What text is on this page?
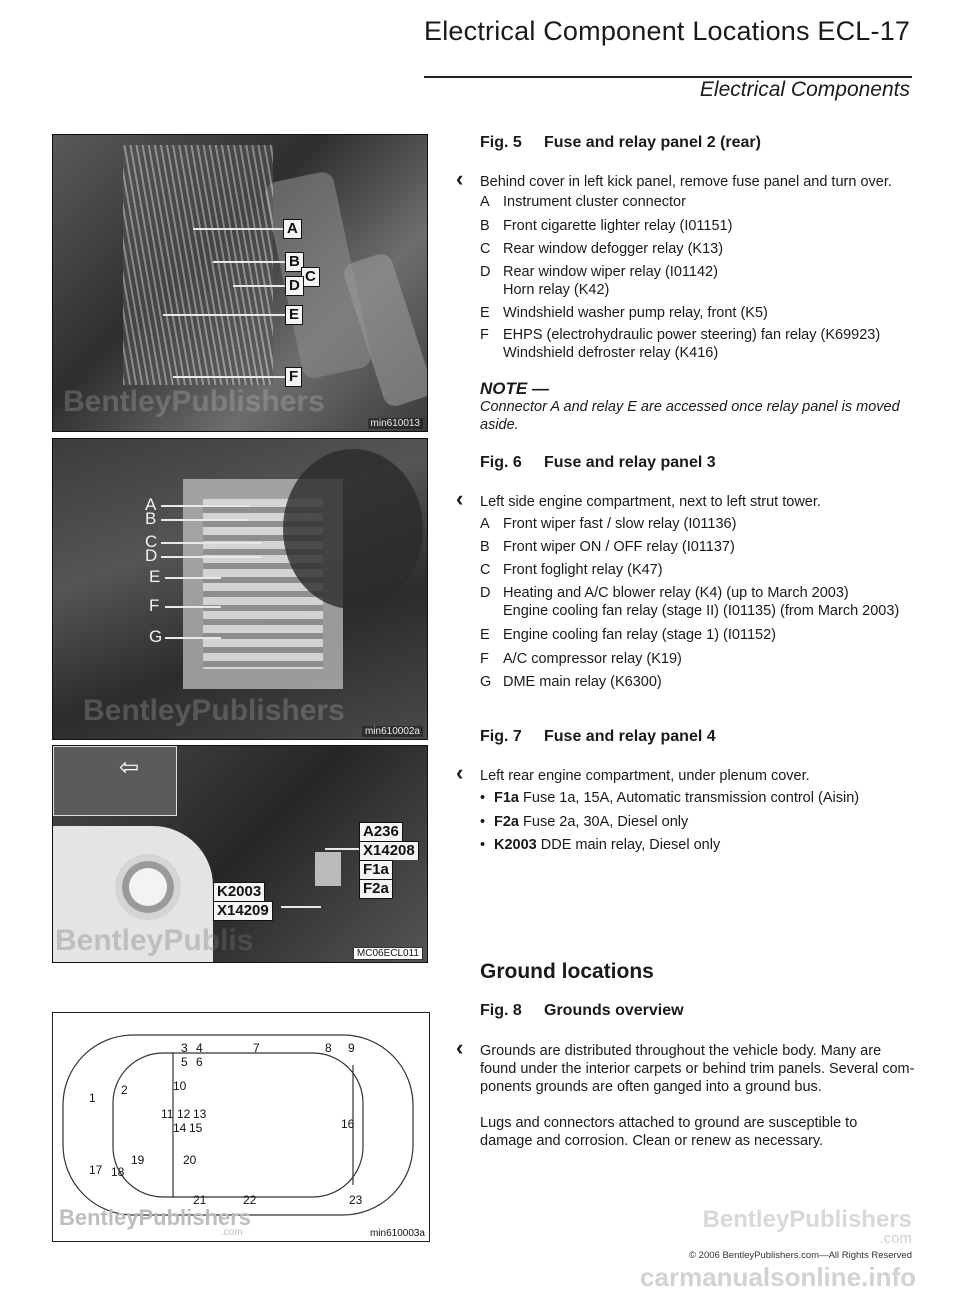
Electrical Component Locations ECL-17
Electrical Components
A
B
C
D
E
F
BentleyPublishers
min610013
A
B
C
D
E
F
G
BentleyPublishers
min610002a
⇦
A236
X14208
F1a
F2a
K2003
X14209
BentleyPublis	MC06ECL011
3 4
5 6
7	8 9
1
2	10
11 12 13
14 15	16
17 18
19	20
21	22	23
BentleyPublishers
.com	min610003a
Fig. 5 Fuse and relay panel 2 (rear)
‹ Behind cover in left kick panel, remove fuse panel and turn over.
A Instrument cluster connector
B Front cigarette lighter relay (I01151)
C Rear window defogger relay (K13)
D Rear window wiper relay (I01142)
Horn relay (K42)
E Windshield washer pump relay, front (K5)
F EHPS (electrohydraulic power steering) fan relay (K69923)
Windshield defroster relay (K416)
NOTE —
Connector A and relay E are accessed once relay panel is moved aside.
Fig. 6 Fuse and relay panel 3
‹ Left side engine compartment, next to left strut tower.
A Front wiper fast / slow relay (I01136)
B Front wiper ON / OFF relay (I01137)
C Front foglight relay (K47)
D Heating and A/C blower relay (K4) (up to March 2003)
Engine cooling fan relay (stage II) (I01135) (from March 2003)
E Engine cooling fan relay (stage 1) (I01152)
F A/C compressor relay (K19)
G DME main relay (K6300)
Fig. 7 Fuse and relay panel 4
‹ Left rear engine compartment, under plenum cover.
• F1a Fuse 1a, 15A, Automatic transmission control (Aisin)
• F2a Fuse 2a, 30A, Diesel only
• K2003 DDE main relay, Diesel only
Ground locations
Fig. 8 Grounds overview
‹ Grounds are distributed throughout the vehicle body. Many are
found under the interior carpets or behind trim panels. Several com-
ponents grounds are often ganged into a ground bus.
Lugs and connectors attached to ground are susceptible to damage and corrosion. Clean or renew as necessary.
BentleyPublishers
.com
© 2006 BentleyPublishers.com—All Rights Reserved
carmanualsonline.info
